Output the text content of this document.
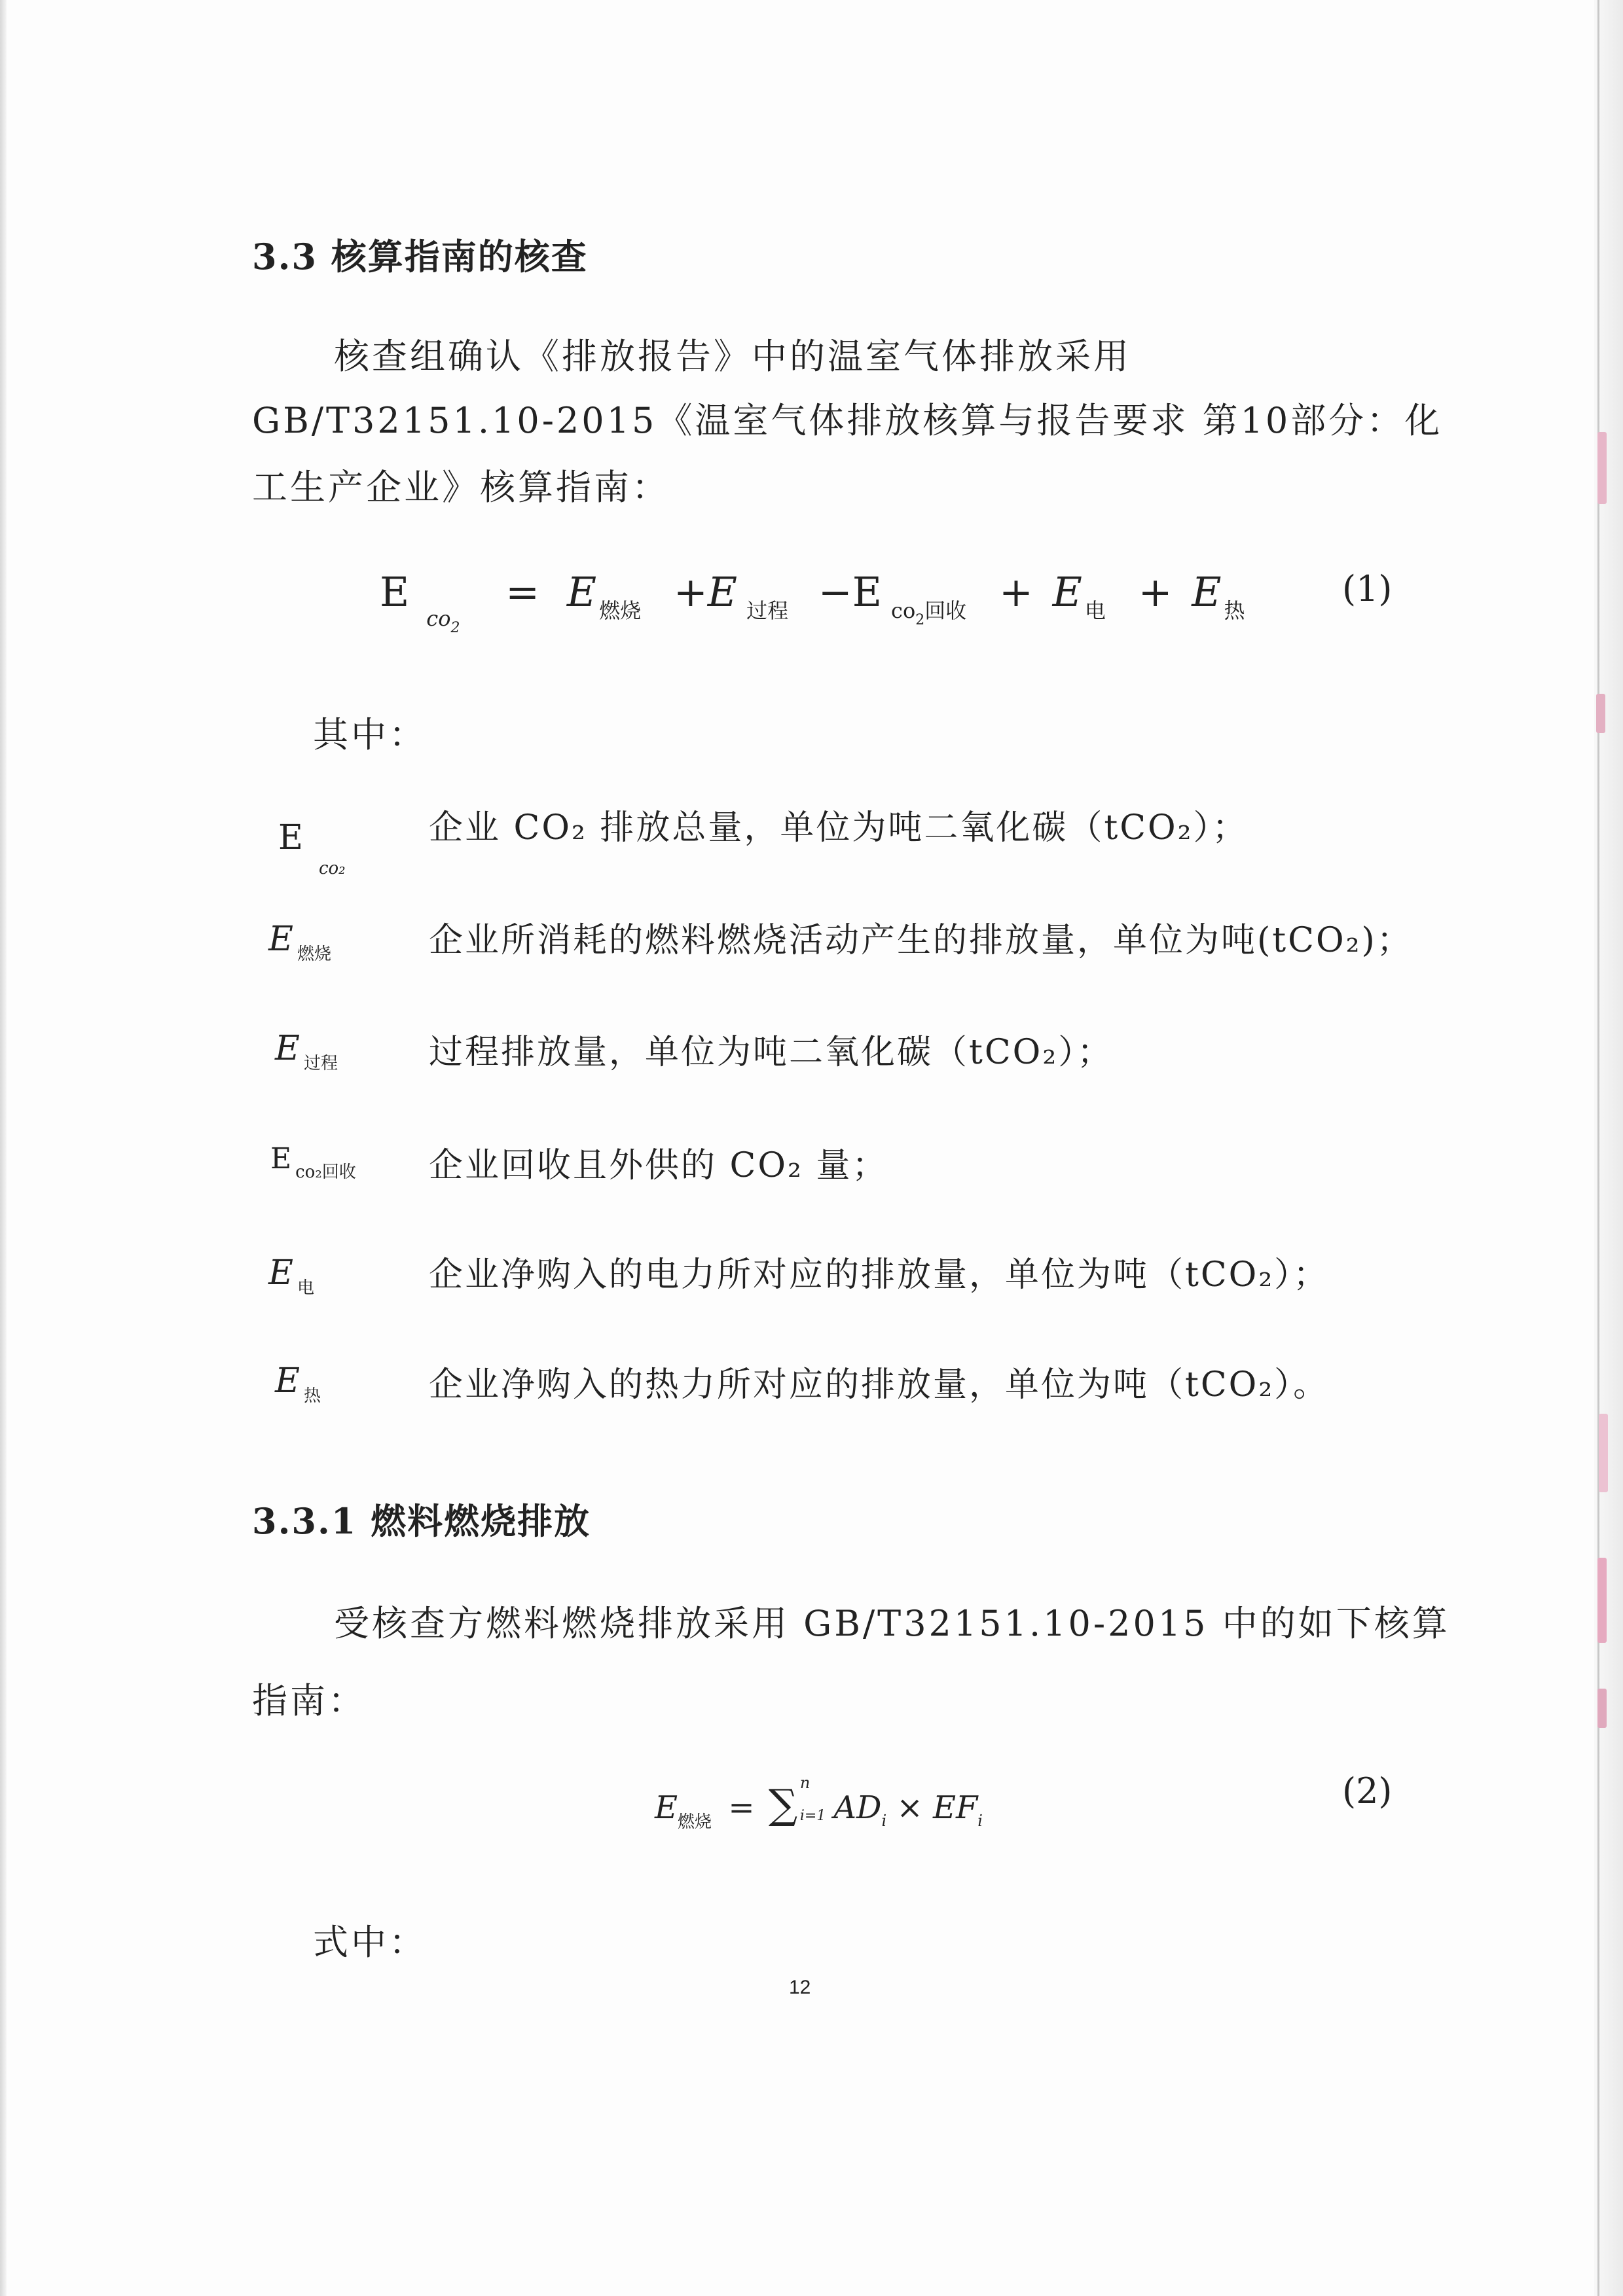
3.3 核算指南的核查
核查组确认《排放报告》中的温室气体排放采用
GB/T32151.10-2015《温室气体排放核算与报告要求 第10部分：化
工生产企业》核算指南：
$E_{co_2} = E$ $_{燃烧}$ +E $_{过程}$ −E $_{co_2回收}$ + E $_电$ + E $_热$
(1)
其中：
$E_{co_2}$
企业 CO₂ 排放总量，单位为吨二氧化碳（tCO₂）；
E $_{燃烧}$	企业所消耗的燃料燃烧活动产生的排放量，单位为吨(tCO₂)；
E $_{过程}$	过程排放量，单位为吨二氧化碳（tCO₂）；
E $_{co_2回收}$ 企业回收且外供的 CO₂ 量；
E $_电$	企业净购入的电力所对应的排放量，单位为吨（tCO₂）；
E $_热$	企业净购入的热力所对应的排放量，单位为吨（tCO₂）。
3.3.1 燃料燃烧排放
受核查方燃料燃烧排放采用 GB/T32151.10-2015 中的如下核算
指南：
$E_{燃烧}$ = ∑ n
i=1 $AD_i \times EF_i$
(2)
式中：
12
